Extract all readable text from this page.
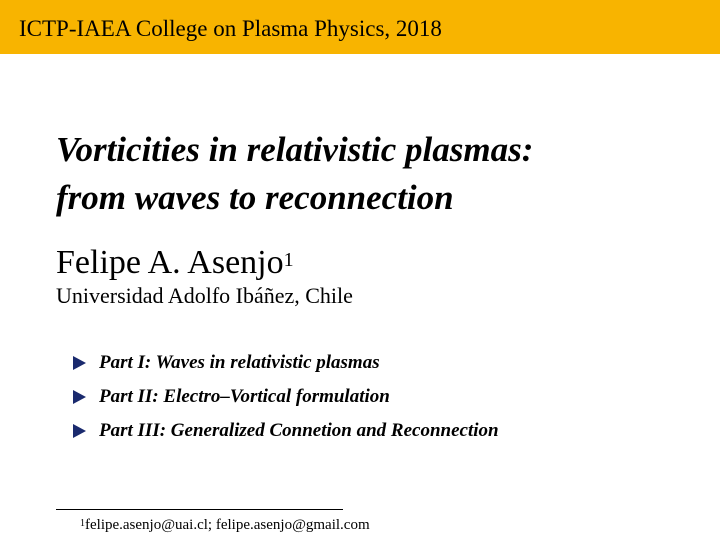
ICTP-IAEA College on Plasma Physics, 2018
Vorticities in relativistic plasmas:
from waves to reconnection
Felipe A. Asenjo$^1$
Universidad Adolfo Ibáñez, Chile
Part I: Waves in relativistic plasmas
Part II: Electro–Vortical formulation
Part III: Generalized Connetion and Reconnection
$^1$felipe.asenjo@uai.cl; felipe.asenjo@gmail.com
